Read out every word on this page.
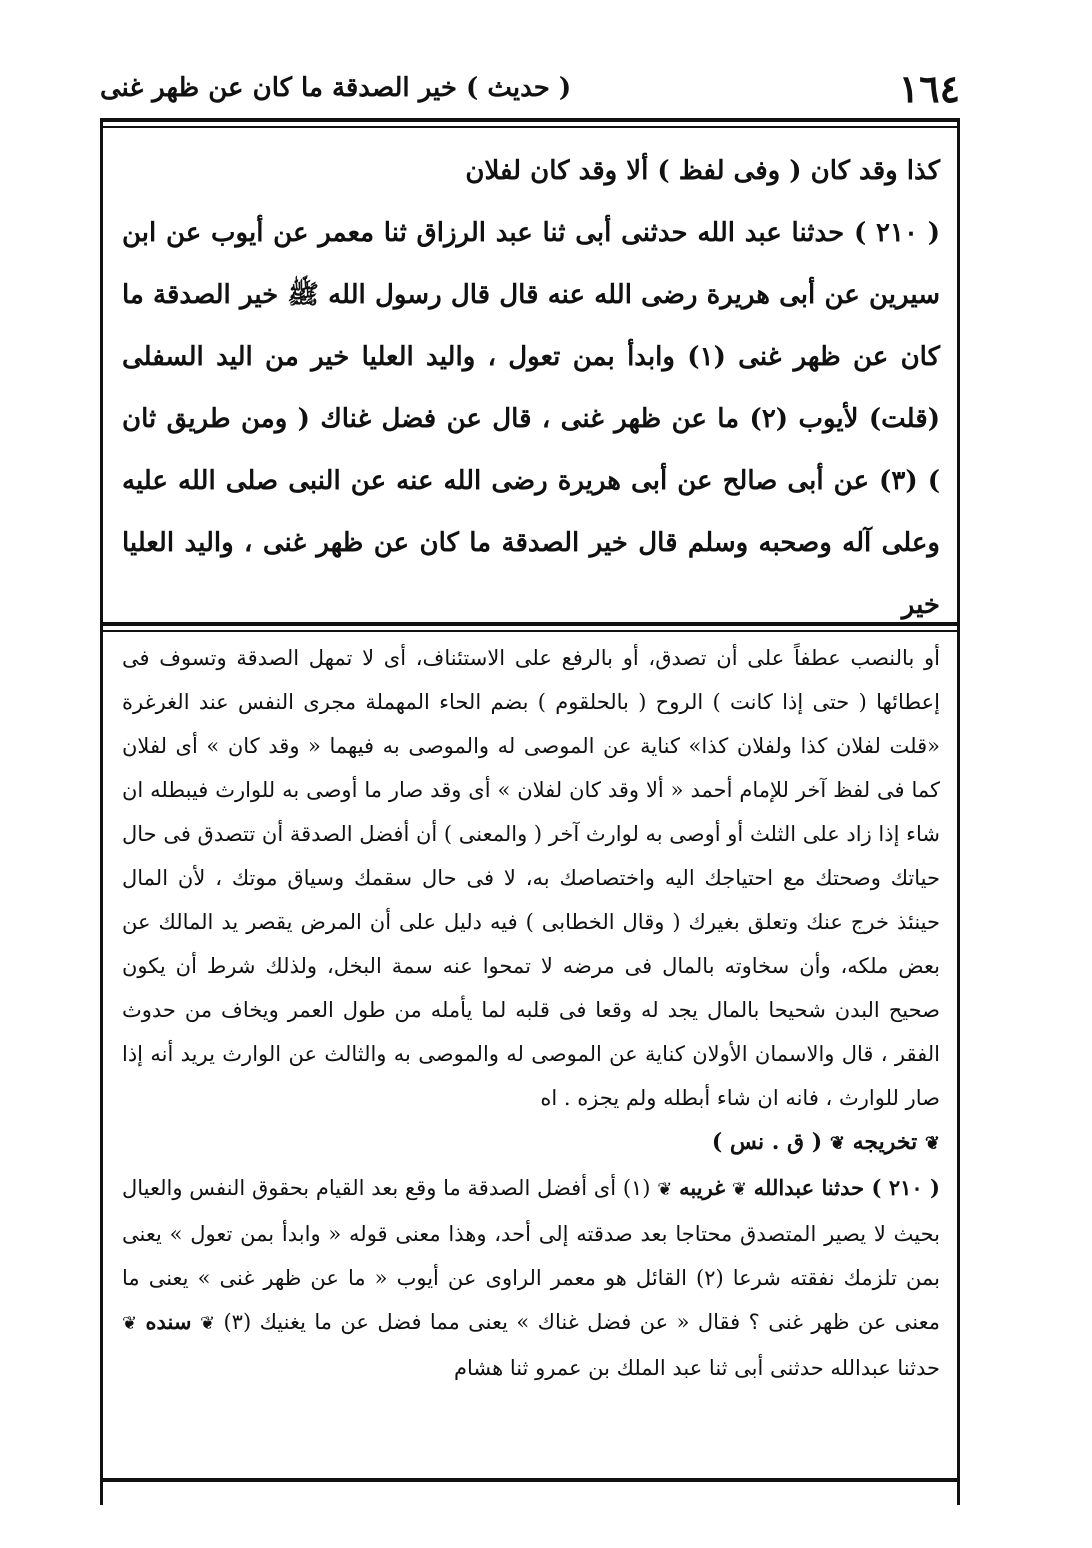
١٦٤
( حديث ) خير الصدقة ما كان عن ظهر غنى

كذا وقد كان ( وفى لفظ ) ألا وقد كان لفلان

( ٢١٠ ) حدثنا عبد الله حدثنى أبى ثنا عبد الرزاق ثنا معمر عن أيوب عن ابن سيرين عن أبى هريرة رضى الله عنه قال قال رسول الله ﷺ خير الصدقة ما كان عن ظهر غنى (١) وابدأ بمن تعول ، واليد العليا خير من اليد السفلى (قلت) لأيوب (٢) ما عن ظهر غنى ، قال عن فضل غناك ( ومن طريق ثان ) (٣) عن أبى صالح عن أبى هريرة رضى الله عنه عن النبى صلى الله عليه وعلى آله وصحبه وسلم قال خير الصدقة ما كان عن ظهر غنى ، واليد العليا خير

أو بالنصب عطفاً على أن تصدق، أو بالرفع على الاستئناف، أى لا تمهل الصدقة وتسوف فى إعطائها ( حتى إذا كانت ) الروح ( بالحلقوم ) بضم الحاء المهملة مجرى النفس عند الغرغرة «قلت لفلان كذا ولفلان كذا» كناية عن الموصى له والموصى به فيهما « وقد كان » أى لفلان كما فى لفظ آخر للإمام أحمد « ألا وقد كان لفلان » أى وقد صار ما أوصى به للوارث فيبطله ان شاء إذا زاد على الثلث أو أوصى به لوارث آخر ( والمعنى ) أن أفضل الصدقة أن تتصدق فى حال حياتك وصحتك مع احتياجك اليه واختصاصك به، لا فى حال سقمك وسياق موتك ، لأن المال حينئذ خرج عنك وتعلق بغيرك ( وقال الخطابى ) فيه دليل على أن المرض يقصر يد المالك عن بعض ملكه، وأن سخاوته بالمال فى مرضه لا تمحوا عنه سمة البخل، ولذلك شرط أن يكون صحيح البدن شحيحا بالمال يجد له وقعا فى قلبه لما يأمله من طول العمر ويخاف من حدوث الفقر ، قال والاسمان الأولان كناية عن الموصى له والموصى به والثالث عن الوارث يريد أنه إذا صار للوارث ، فانه ان شاء أبطله ولم يجزه . اه

❦ تخريجه ❦ ( ق . نس )

( ٢١٠ ) حدثنا عبدالله ❦ غريبه ❦ (١) أى أفضل الصدقة ما وقع بعد القيام بحقوق النفس والعيال بحيث لا يصير المتصدق محتاجا بعد صدقته إلى أحد، وهذا معنى قوله « وابدأ بمن تعول » يعنى بمن تلزمك نفقته شرعا (٢) القائل هو معمر الراوى عن أيوب « ما عن ظهر غنى » يعنى ما معنى عن ظهر غنى ؟ فقال « عن فضل غناك » يعنى مما فضل عن ما يغنيك (٣) ❦ سنده ❦ حدثنا عبدالله حدثنى أبى ثنا عبد الملك بن عمرو ثنا هشام
